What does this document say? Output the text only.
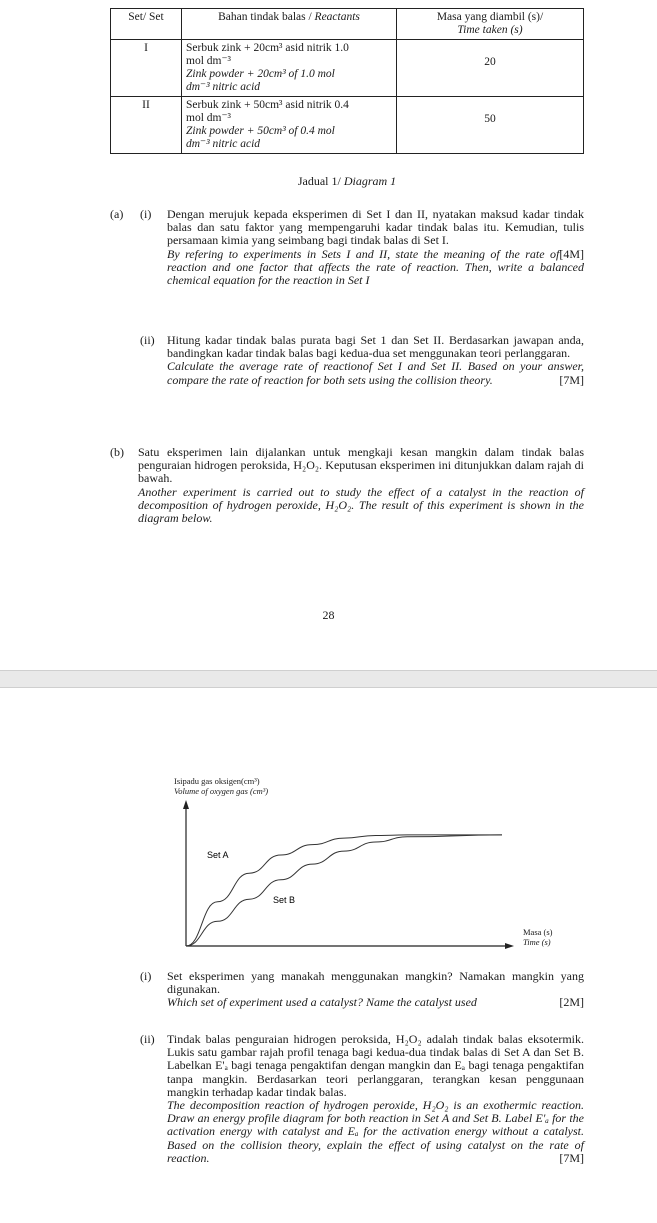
Set/ Set	Bahan tindak balas / Reactants	Masa yang diambil (s)/
Time taken (s)
I	Serbuk zink + 20cm³ asid nitrik 1.0
mol dm⁻³
Zink powder + 20cm³ of 1.0 mol
dm⁻³ nitric acid	20

II	Serbuk zink + 50cm³ asid nitrik 0.4
mol dm⁻³
Zink powder + 50cm³ of 0.4 mol
dm⁻³ nitric acid	50
Jadual 1/ Diagram 1
(a) (i) Dengan merujuk kepada eksperimen di Set I dan II, nyatakan maksud kadar tindak balas dan satu faktor yang mempengaruhi kadar tindak balas itu. Kemudian, tulis persamaan kimia yang seimbang bagi tindak balas di Set I.

[4M]
By refering to experiments in Sets I and II, state the meaning of the rate of reaction and one factor that affects the rate of reaction. Then, write a balanced chemical equation for the reaction in Set I

(ii) Hitung kadar tindak balas purata bagi Set 1 dan Set II. Berdasarkan jawapan anda, bandingkan kadar tindak balas bagi kedua-dua set menggunakan teori perlanggaran.

Calculate the average rate of reactionof Set I and Set II. Based on your answer, compare the rate of reaction for both sets using the collision theory.	[7M]

(b) Satu eksperimen lain dijalankan untuk mengkaji kesan mangkin dalam tindak balas penguraian hidrogen peroksida, H₂O₂. Keputusan eksperimen ini ditunjukkan dalam rajah di bawah.

Another experiment is carried out to study the effect of a catalyst in the reaction of decomposition of hydrogen peroxide, H₂O₂. The result of this experiment is shown in the diagram below.

28
Isipadu gas oksigen(cm³)
Volume of oxygen gas (cm³)
Masa (s)
Time (s)
Set A
Set B
(i) Set eksperimen yang manakah menggunakan mangkin? Namakan mangkin yang digunakan.

[2M]
Which set of experiment used a catalyst? Name the catalyst used

(ii) Tindak balas penguraian hidrogen peroksida, H₂O₂ adalah tindak balas eksotermik. Lukis satu gambar rajah profil tenaga bagi kedua-dua tindak balas di Set A dan Set B. Labelkan E'ₐ bagi tenaga pengaktifan dengan mangkin dan Eₐ bagi tenaga pengaktifan tanpa mangkin. Berdasarkan teori perlanggaran, terangkan kesan penggunaan mangkin terhadap kadar tindak balas.

The decomposition reaction of hydrogen peroxide, H₂O₂ is an exothermic reaction. Draw an energy profile diagram for both reaction in Set A and Set B. Label E'ₐ for the activation energy with catalyst and Eₐ for the activation energy without a catalyst. Based on the collision theory, explain the effect of using catalyst on the rate of reaction.	[7M]
